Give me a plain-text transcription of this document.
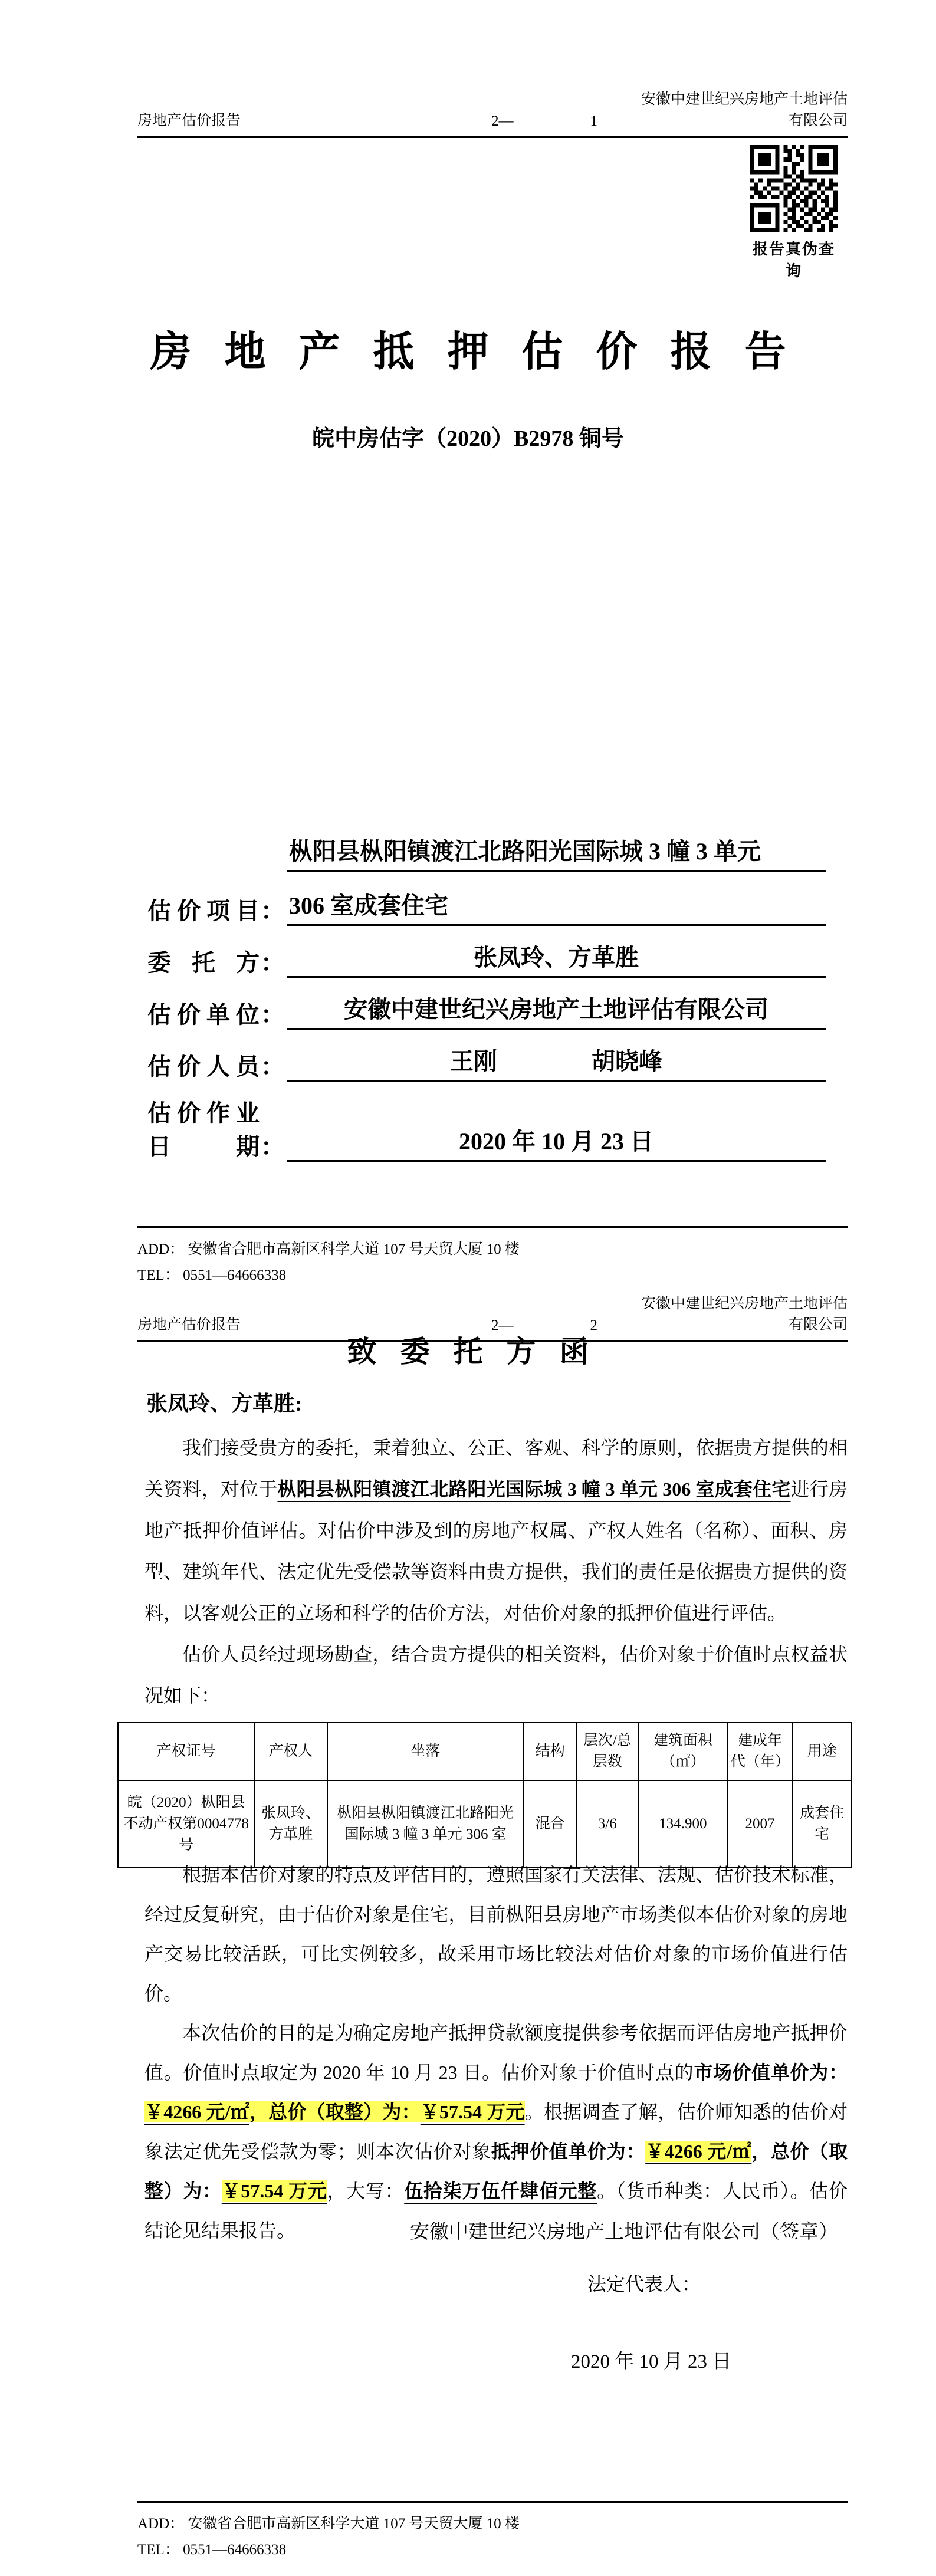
房地产估价报告	2—	1
安徽中建世纪兴房地产土地评估有限公司
报告真伪查询
房地产抵押估价报告
皖中房估字（2020）B2978 铜号
估价项目 ：
枞阳县枞阳镇渡江北路阳光国际城 3 幢 3 单元
306 室成套住宅
委托方 ：	张凤玲、方革胜
估价单位 ：	安徽中建世纪兴房地产土地评估有限公司
估价人员 ：	王刚　　　　胡晓峰
估价作业日期 ：	2020 年 10 月 23 日
ADD： 安徽省合肥市高新区科学大道 107 号天贸大厦 10 楼
TEL： 0551—64666338
房地产估价报告	2—	2
安徽中建世纪兴房地产土地评估有限公司
致委托方函
张凤玲、方革胜:

我们接受贵方的委托，秉着独立、公正、客观、科学的原则，依据贵方提供的相关资料，对位于枞阳县枞阳镇渡江北路阳光国际城 3 幢 3 单元 306 室成套住宅进行房地产抵押价值评估。对估价中涉及到的房地产权属、产权人姓名（名称）、面积、房型、建筑年代、法定优先受偿款等资料由贵方提供，我们的责任是依据贵方提供的资料，以客观公正的立场和科学的估价方法，对估价对象的抵押价值进行评估。

估价人员经过现场勘查，结合贵方提供的相关资料，估价对象于价值时点权益状况如下：

产权证号	产权人	坐落	结构	层次/总层数	建筑面积（㎡）	建成年代（年）	用途
皖（2020）枞阳县不动产权第0004778 号	张凤玲、方革胜	枞阳县枞阳镇渡江北路阳光国际城 3 幢 3 单元 306 室	混合	3/6	134.900	2007	成套住宅

根据本估价对象的特点及评估目的，遵照国家有关法律、法规、估价技术标准，经过反复研究，由于估价对象是住宅，目前枞阳县房地产市场类似本估价对象的房地产交易比较活跃，可比实例较多，故采用市场比较法对估价对象的市场价值进行估价。

本次估价的目的是为确定房地产抵押贷款额度提供参考依据而评估房地产抵押价值。价值时点取定为 2020 年 10 月 23 日。估价对象于价值时点的市场价值单价为：￥4266 元/㎡，总价（取整）为：￥57.54 万元。根据调查了解，估价师知悉的估价对象法定优先受偿款为零；则本次估价对象抵押价值单价为：￥4266 元/㎡，总价（取整）为：￥57.54 万元，大写：伍拾柒万伍仟肆佰元整。（货币种类：人民币）。估价结论见结果报告。	安徽中建世纪兴房地产土地评估有限公司（签章）
法定代表人：
2020 年 10 月 23 日
ADD： 安徽省合肥市高新区科学大道 107 号天贸大厦 10 楼
TEL： 0551—64666338
